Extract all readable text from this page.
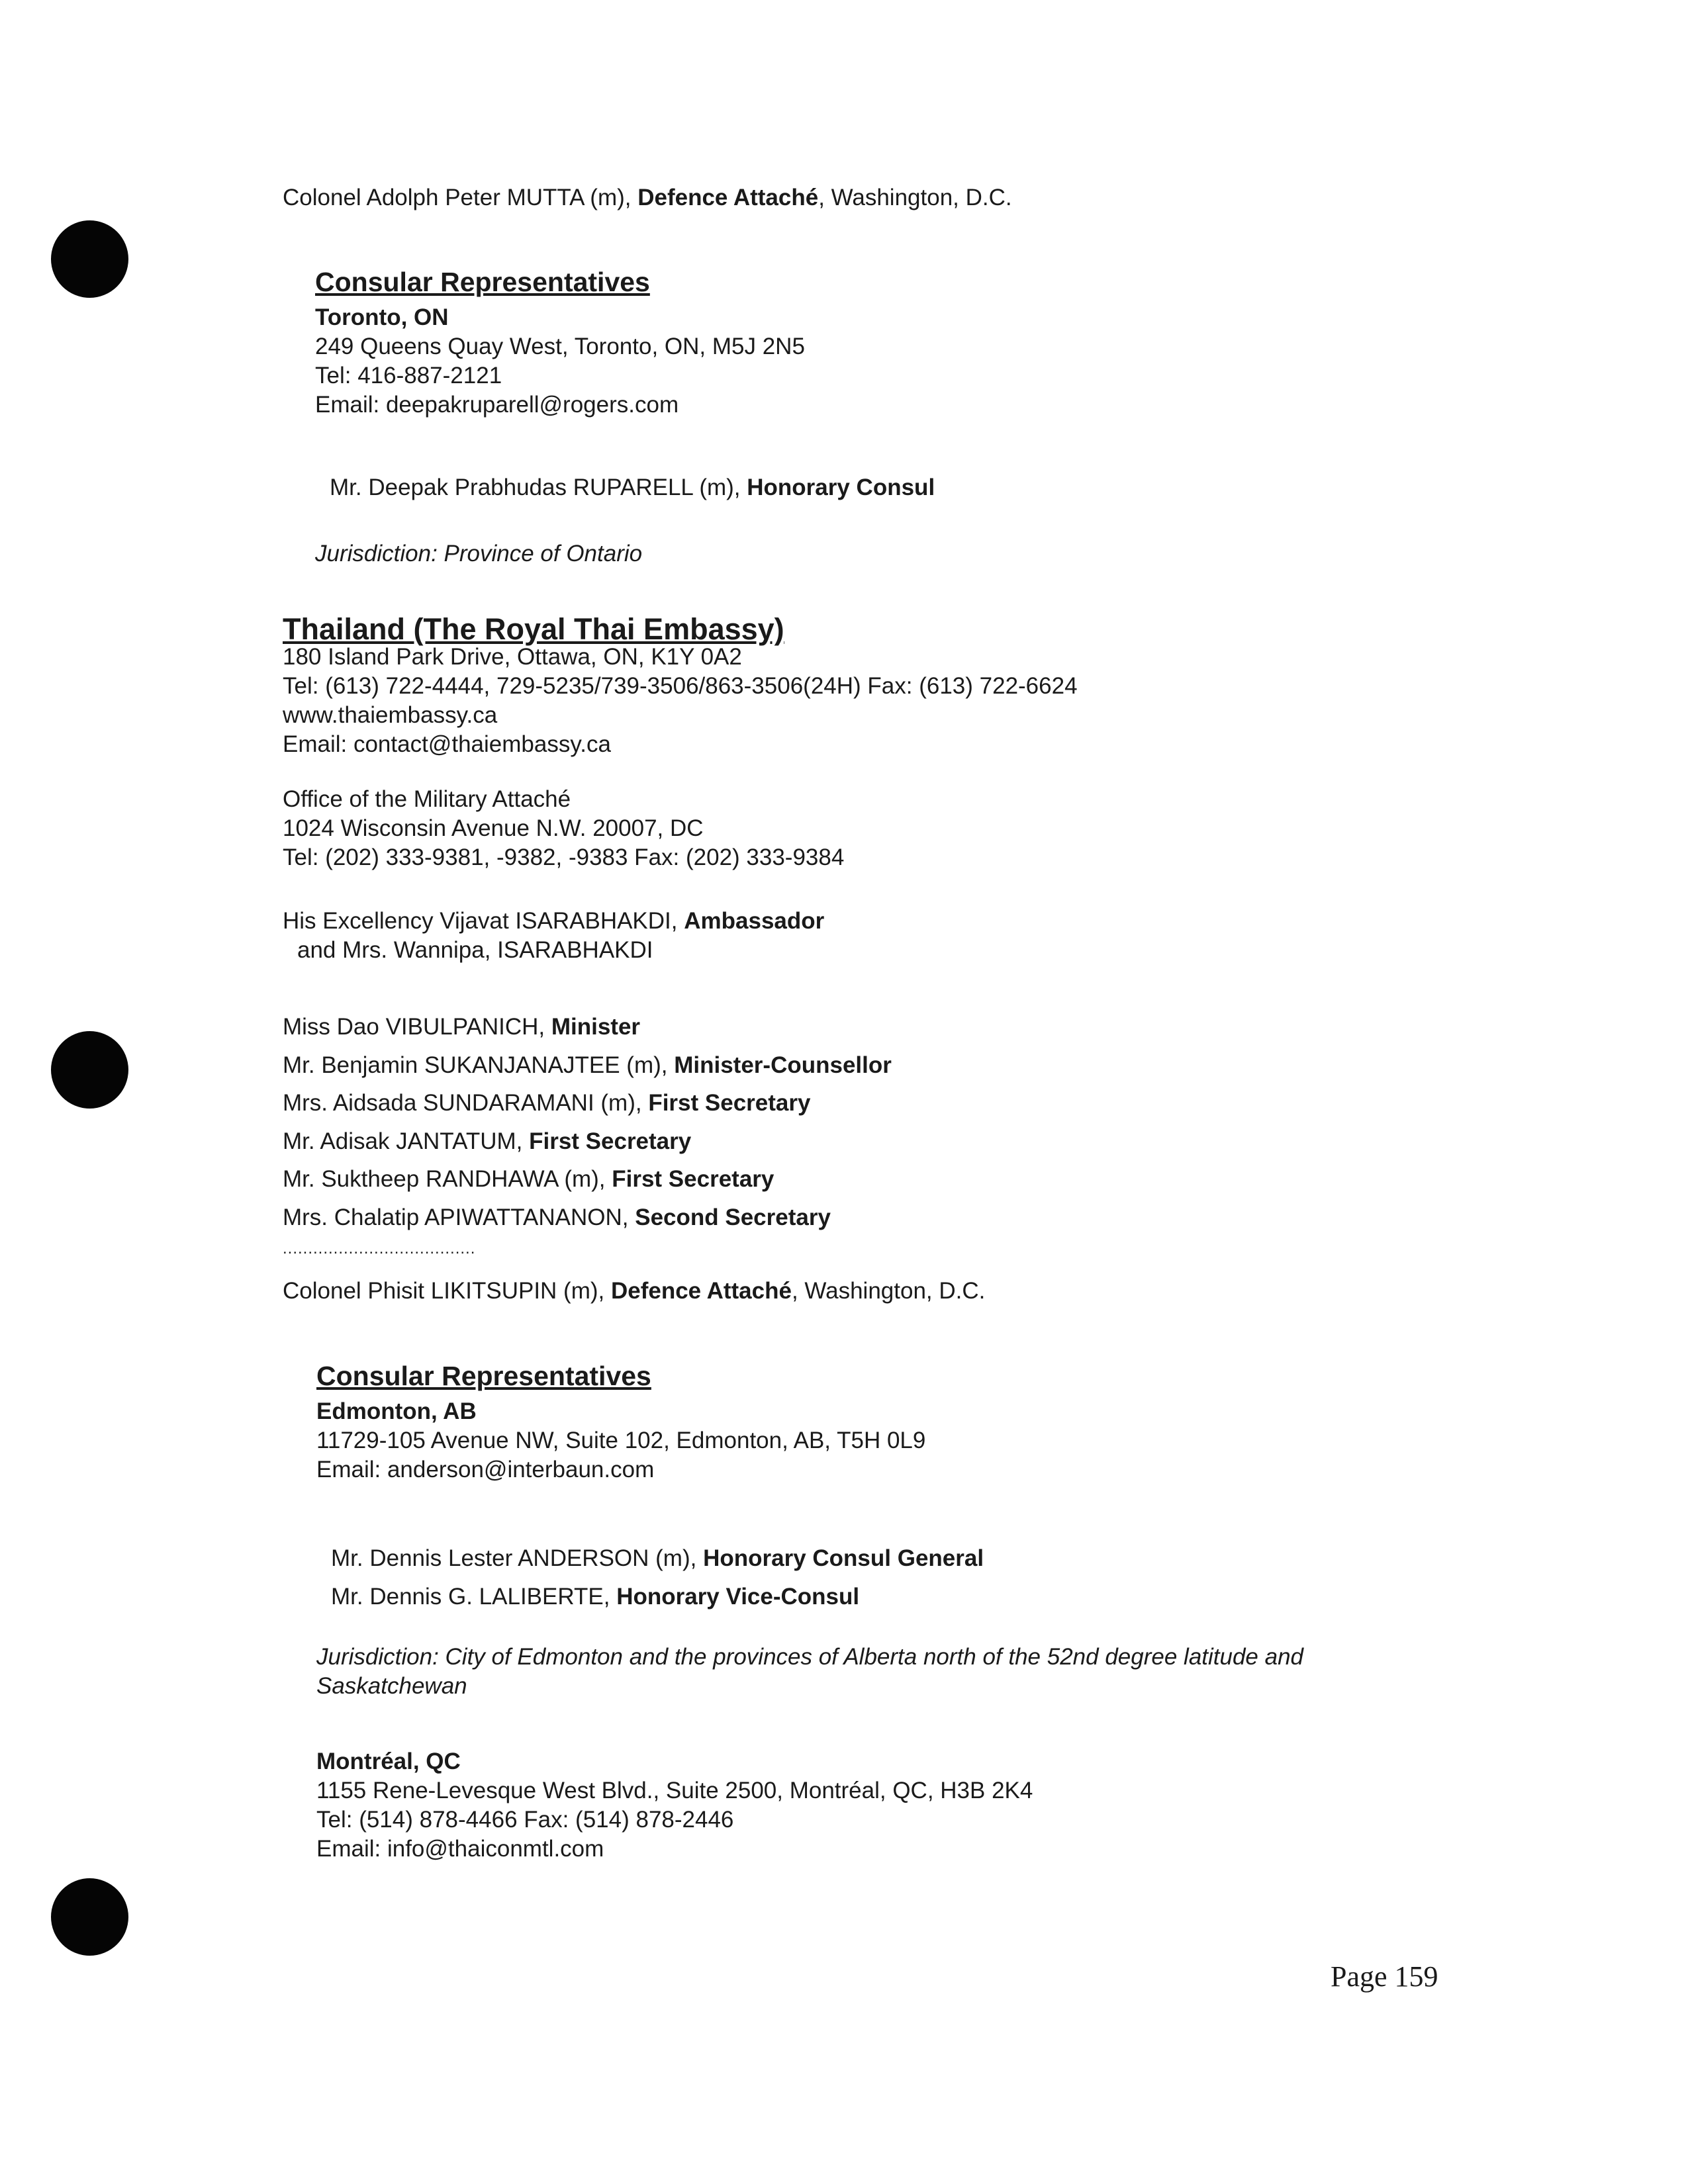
Colonel Adolph Peter MUTTA (m), Defence Attaché, Washington, D.C.
Consular Representatives
Toronto, ON
249 Queens Quay West, Toronto, ON, M5J 2N5
Tel: 416-887-2121
Email: deepakruparell@rogers.com
Mr. Deepak Prabhudas RUPARELL (m), Honorary Consul
Jurisdiction: Province of Ontario
Thailand (The Royal Thai Embassy)
180 Island Park Drive, Ottawa, ON, K1Y 0A2
Tel: (613) 722-4444, 729-5235/739-3506/863-3506(24H) Fax: (613) 722-6624
www.thaiembassy.ca
Email: contact@thaiembassy.ca
Office of the Military Attaché
1024 Wisconsin Avenue N.W. 20007, DC
Tel: (202) 333-9381, -9382, -9383 Fax: (202) 333-9384
His Excellency Vijavat ISARABHAKDI, Ambassador
and Mrs. Wannipa, ISARABHAKDI
Miss Dao VIBULPANICH, Minister
Mr. Benjamin SUKANJANAJTEE (m), Minister-Counsellor
Mrs. Aidsada SUNDARAMANI (m), First Secretary
Mr. Adisak JANTATUM, First Secretary
Mr. Suktheep RANDHAWA (m), First Secretary
Mrs. Chalatip APIWATTANANON, Second Secretary
......................................
Colonel Phisit LIKITSUPIN (m), Defence Attaché, Washington, D.C.
Consular Representatives
Edmonton, AB
11729-105 Avenue NW, Suite 102, Edmonton, AB, T5H 0L9
Email: anderson@interbaun.com
Mr. Dennis Lester ANDERSON (m), Honorary Consul General
Mr. Dennis G. LALIBERTE, Honorary Vice-Consul
Jurisdiction: City of Edmonton and the provinces of Alberta north of the 52nd degree latitude and Saskatchewan
Montréal, QC
1155 Rene-Levesque West Blvd., Suite 2500, Montréal, QC, H3B 2K4
Tel: (514) 878-4466 Fax: (514) 878-2446
Email: info@thaiconmtl.com
Page 159
